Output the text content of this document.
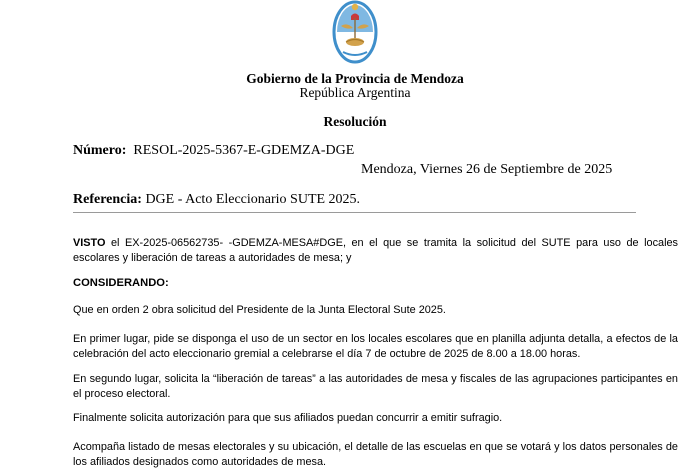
Gobierno de la Provincia de Mendoza
República Argentina
Resolución
Número: RESOL-2025-5367-E-GDEMZA-DGE
Mendoza, Viernes 26 de Septiembre de 2025
Referencia: DGE - Acto Eleccionario SUTE 2025.
VISTO el EX-2025-06562735- -GDEMZA-MESA#DGE, en el que se tramita la solicitud del SUTE para uso de locales escolares y liberación de tareas a autoridades de mesa; y
CONSIDERANDO:
Que en orden 2 obra solicitud del Presidente de la Junta Electoral Sute 2025.
En primer lugar, pide se disponga el uso de un sector en los locales escolares que en planilla adjunta detalla, a efectos de la celebración del acto eleccionario gremial a celebrarse el día 7 de octubre de 2025 de 8.00 a 18.00 horas.
En segundo lugar, solicita la “liberación de tareas” a las autoridades de mesa y fiscales de las agrupaciones participantes en el proceso electoral.
Finalmente solicita autorización para que sus afiliados puedan concurrir a emitir sufragio.
Acompaña listado de mesas electorales y su ubicación, el detalle de las escuelas en que se votará y los datos personales de los afiliados designados como autoridades de mesa.
